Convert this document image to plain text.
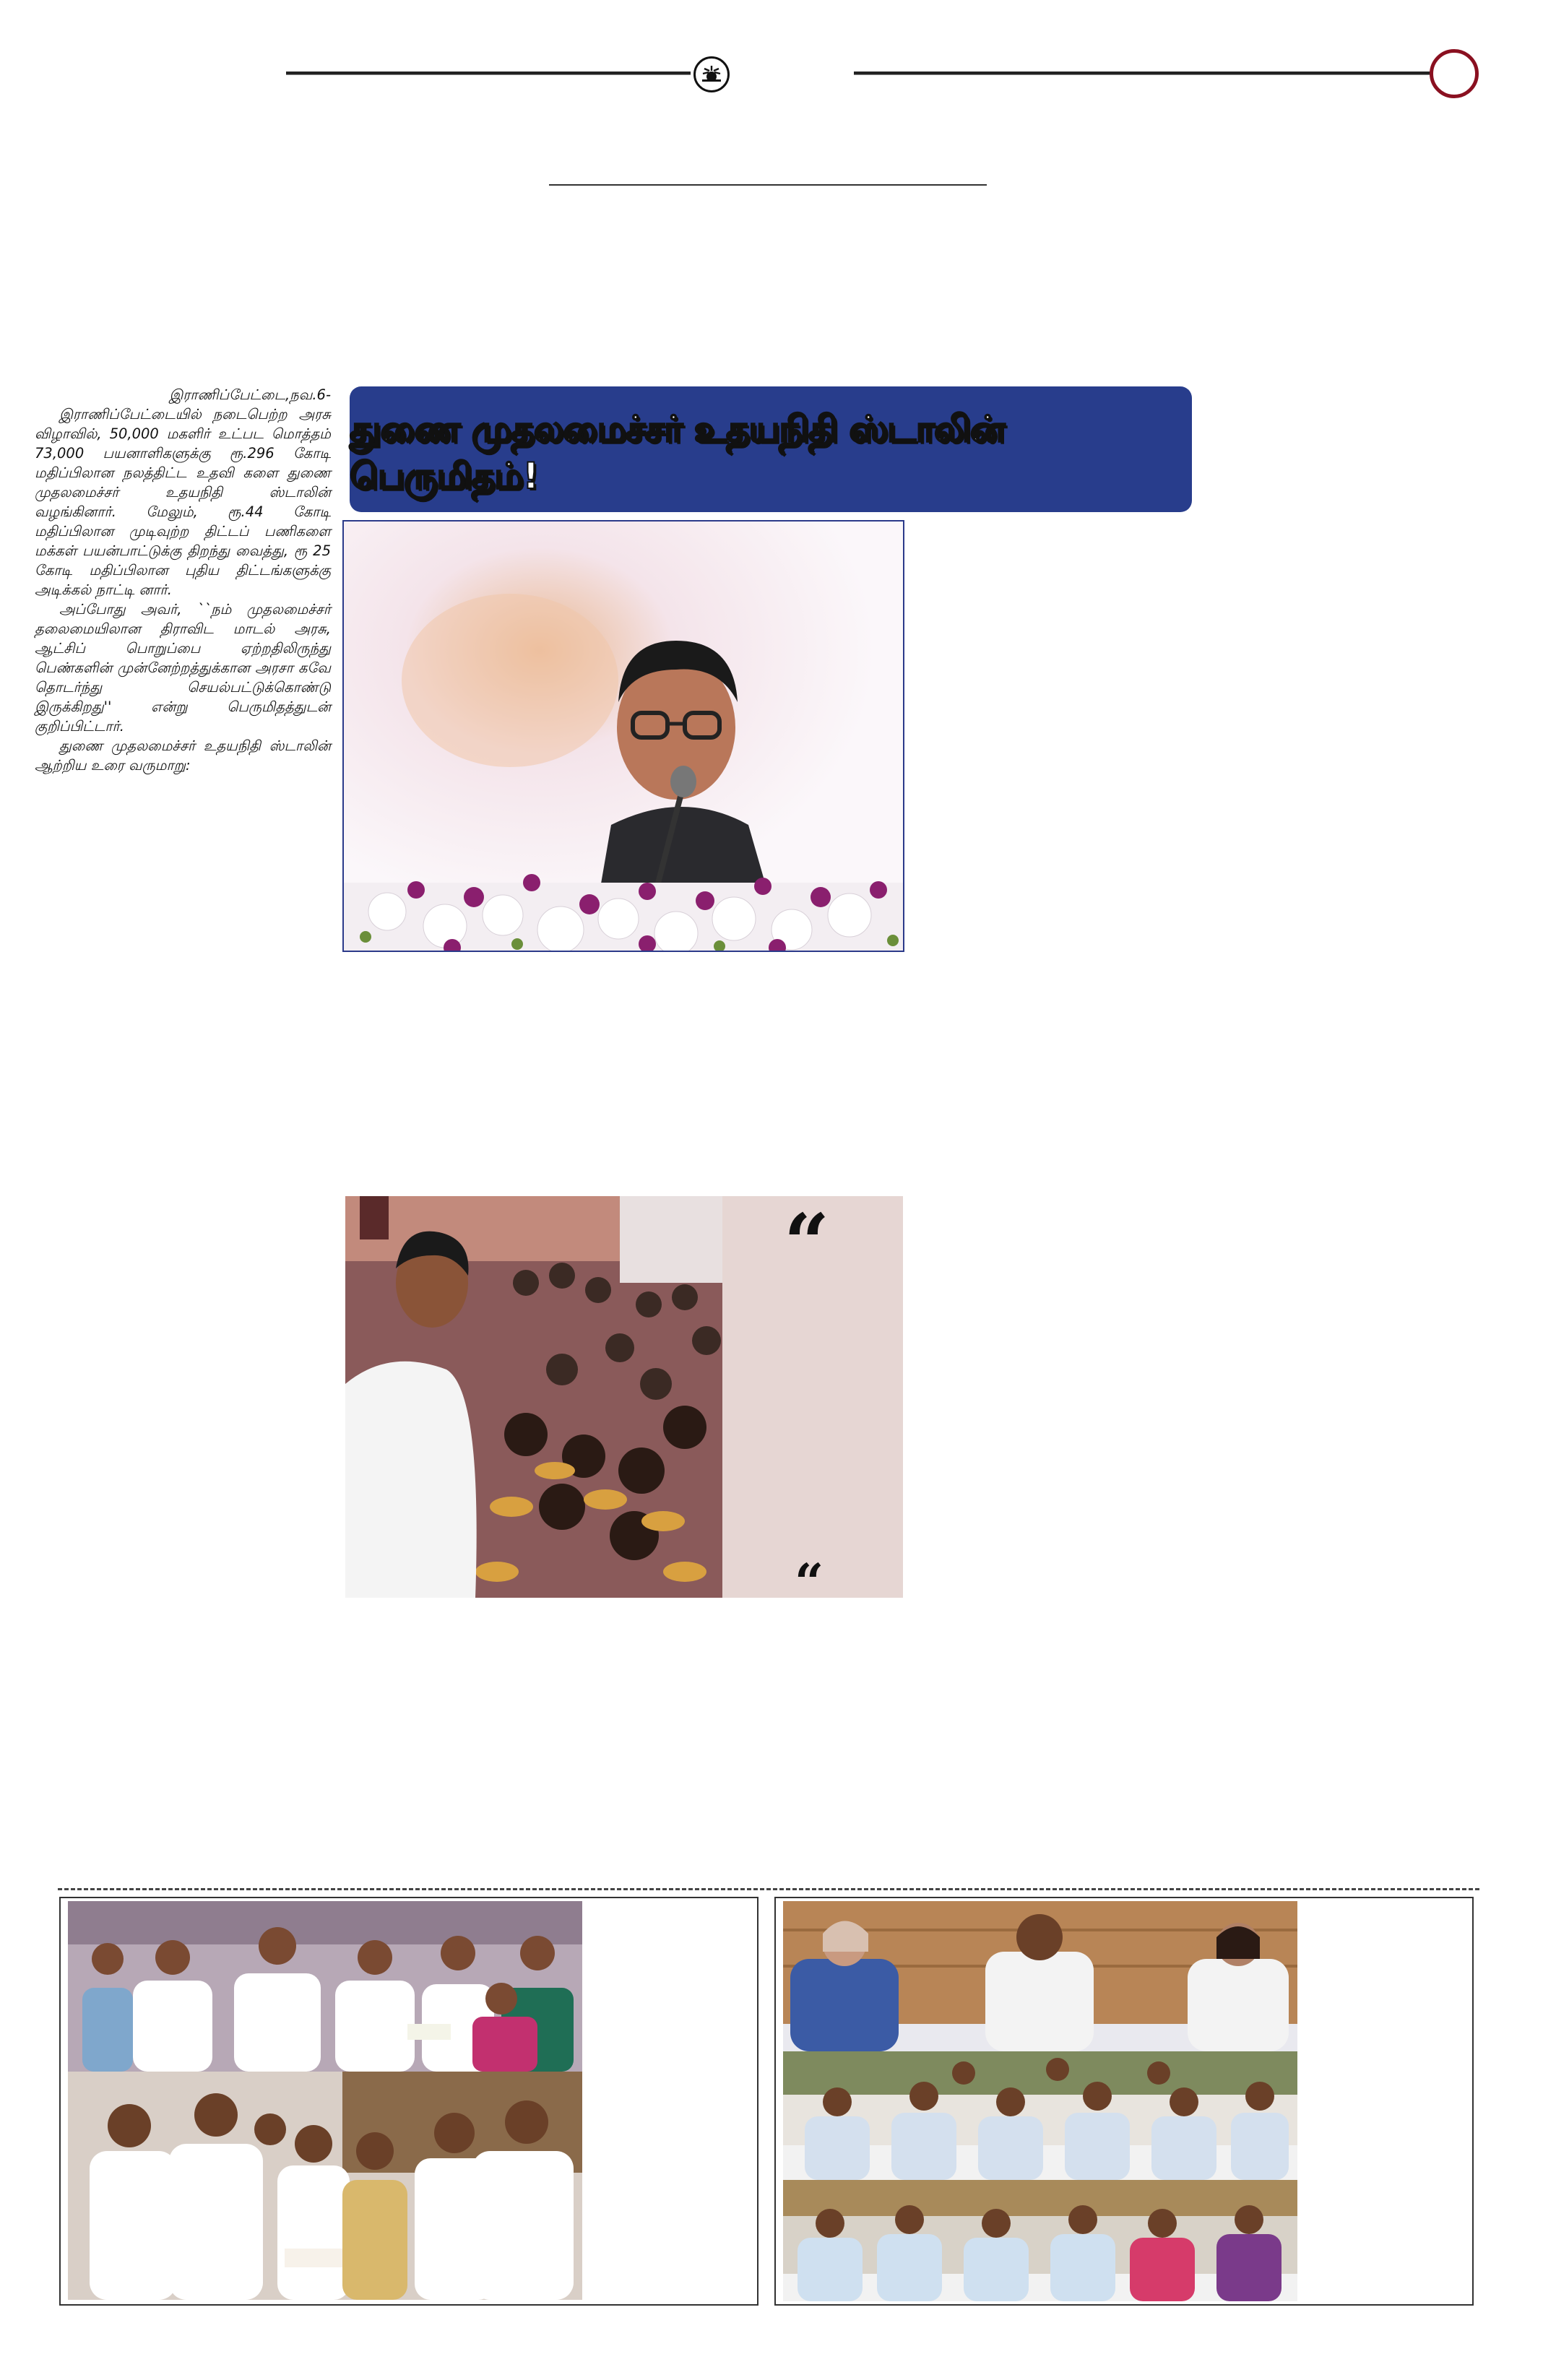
துணை முதலமைச்சர் உதயநிதி ஸ்டாலின் பெருமிதம்!
இராணிப்பேட்டை,நவ.6-

இராணிப்பேட்டையில் நடைபெற்ற அரசு விழாவில், 50,000 மகளிர் உட்பட மொத்தம் 73,000 பயனாளிகளுக்கு ரூ.296 கோடி மதிப்பிலான நலத்திட்ட உதவி களை துணை முதலமைச்சர் உதயநிதி ஸ்டாலின் வழங்கினார். மேலும், ரூ.44 கோடி மதிப்பிலான முடிவுற்ற திட்டப் பணிகளை மக்கள் பயன்பாட்டுக்கு திறந்து வைத்து, ரூ 25 கோடி மதிப்பிலான புதிய திட்டங்களுக்கு அடிக்கல் நாட்டி னார்.

அப்போது அவர், ``நம் முதலமைச்சர் தலைமையிலான திராவிட மாடல் அரசு, ஆட்சிப் பொறுப்பை ஏற்றதிலிருந்து பெண்களின் முன்னேற்றத்துக்கான அரசா கவே தொடர்ந்து செயல்பட்டுக்கொண்டு இருக்கிறது'' என்று பெருமிதத்துடன் குறிப்பிட்டார்.

துணை முதலமைச்சர் உதயநிதி ஸ்டாலின் ஆற்றிய உரை வருமாறு:

“
“
